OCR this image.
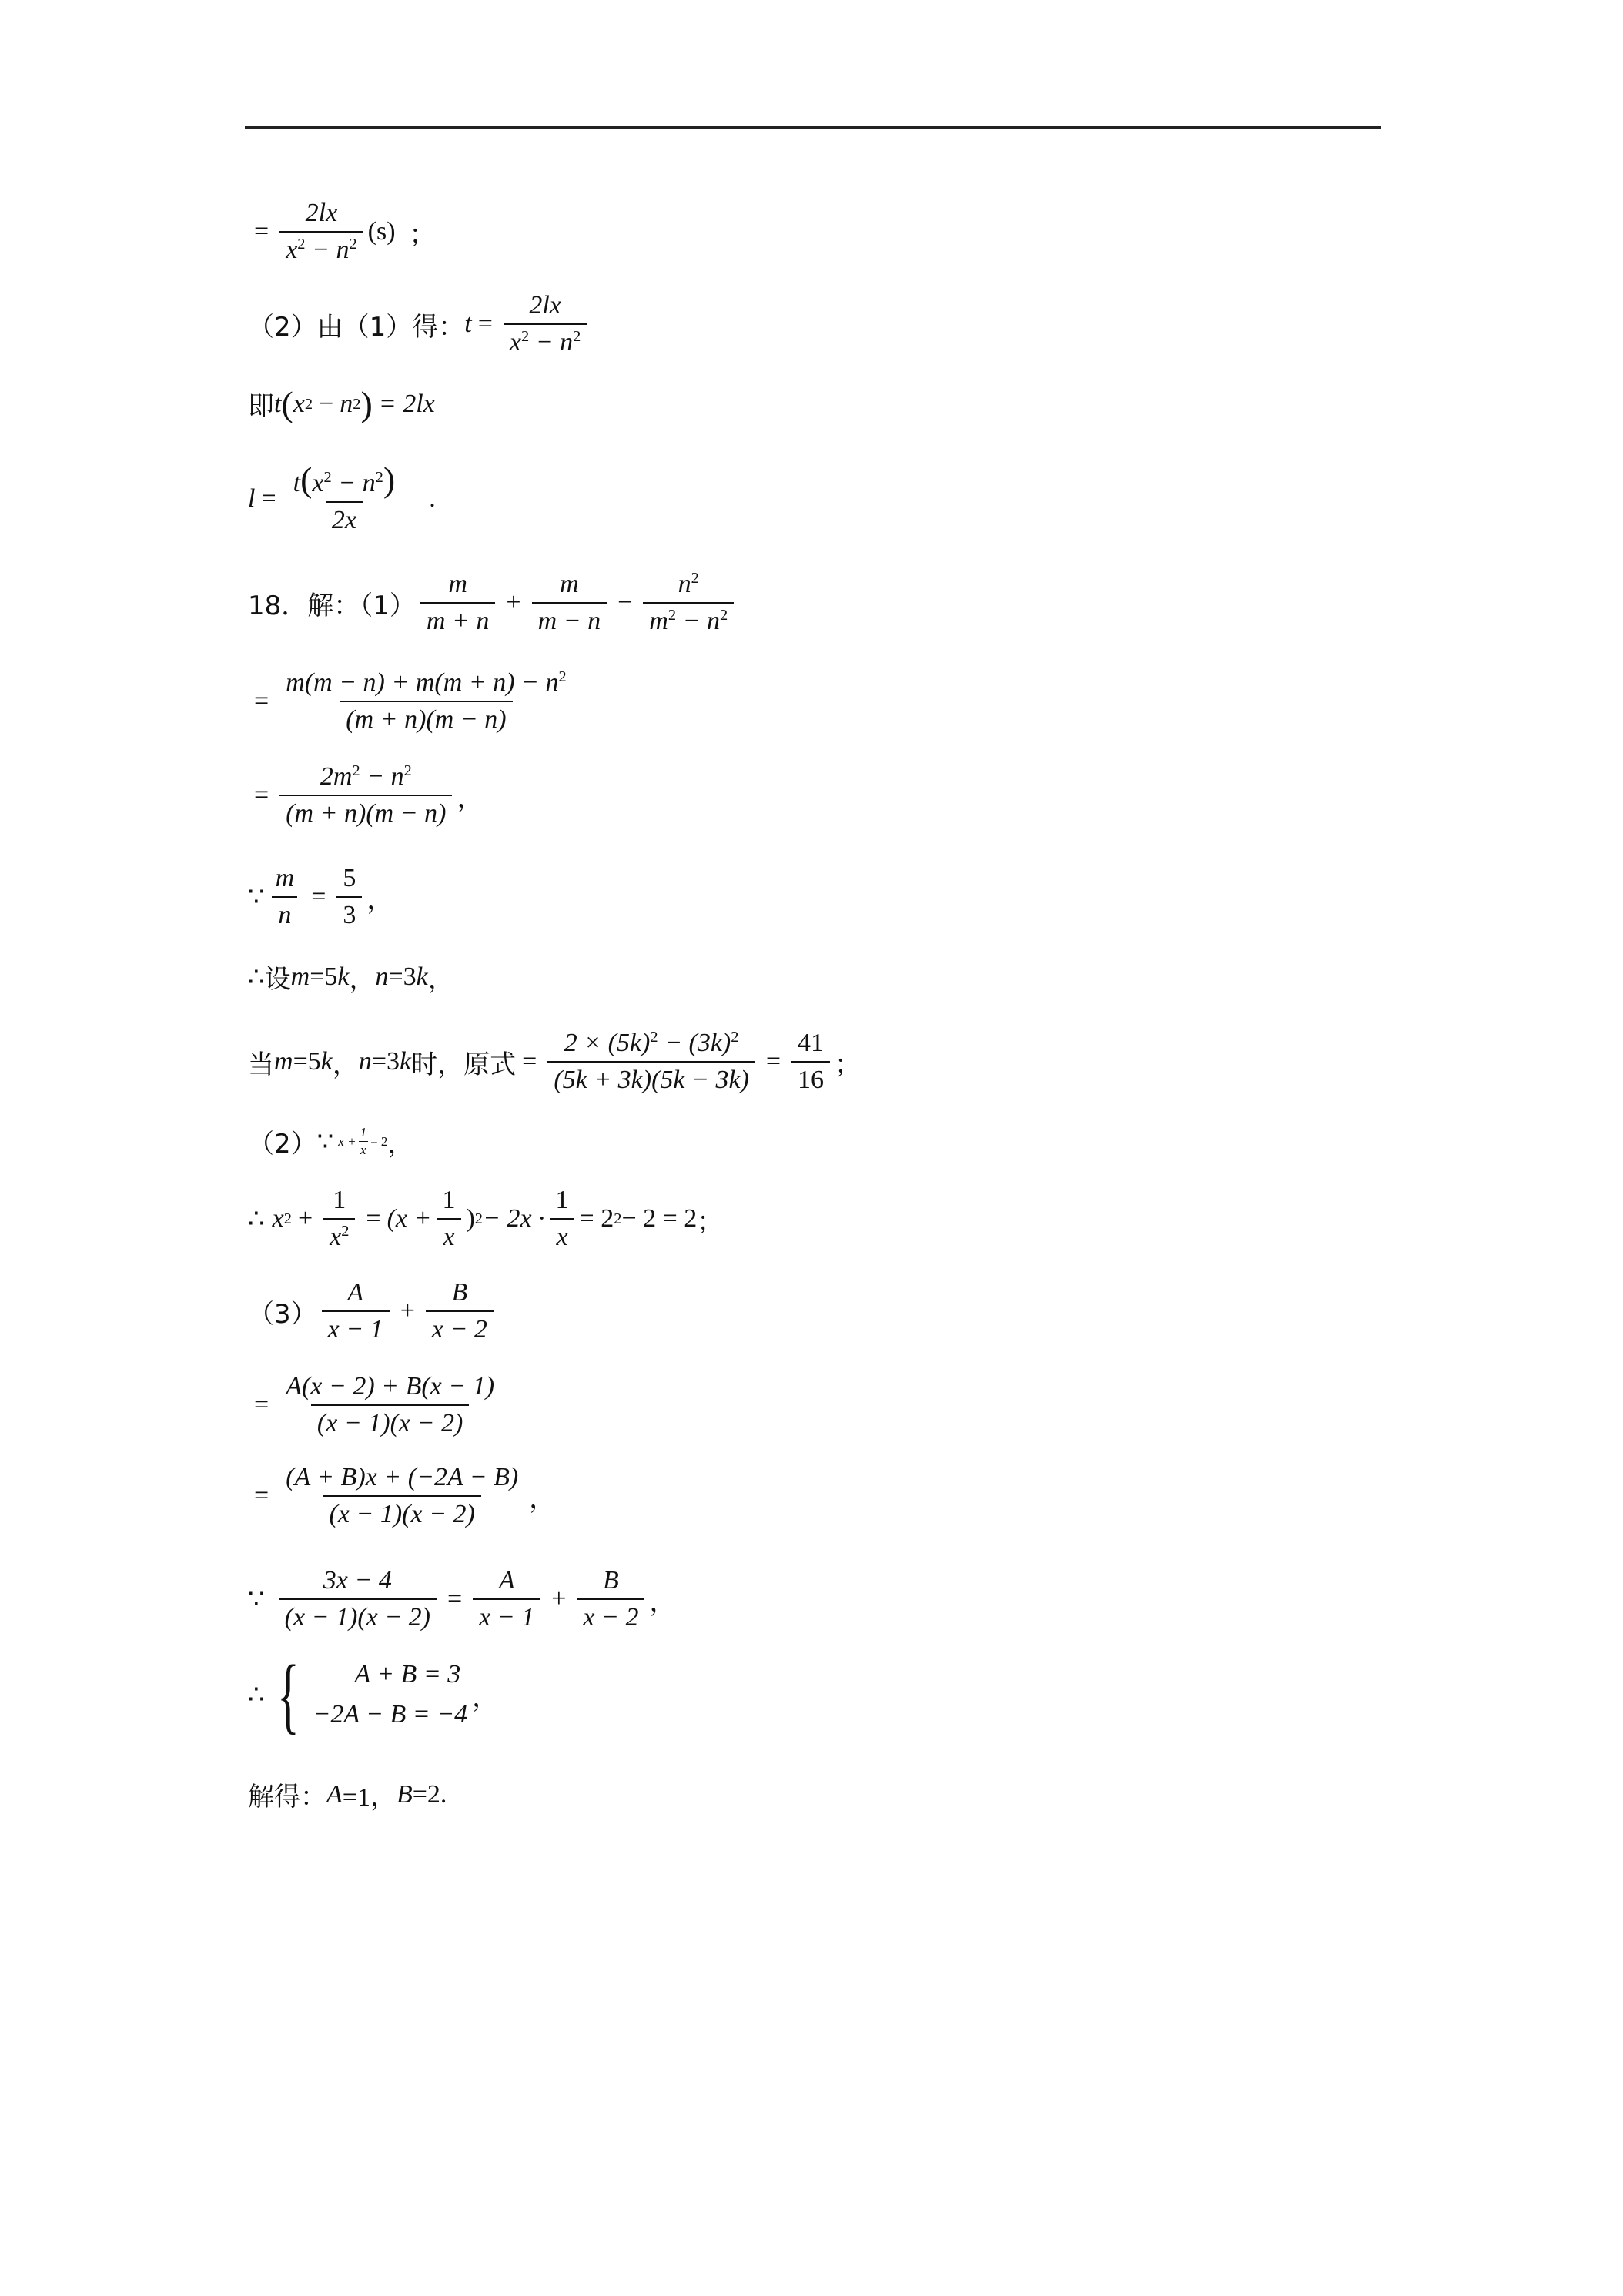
= $\frac{2lx}{x^2 - n^2} (s)$ ；
（2）由（1）得： $t = \frac{2lx}{x^2 - n^2}$
即 t ( x 2 − n 2 ) = 2lx
$l = \frac{t(x^2 - n^2)}{2x}$ .
18．解：$(1) \frac{m}{m + n} + \frac{m}{m - n} - \frac{n^2}{m^2 - n^2}$
= $\frac{m(m - n) + m(m + n) - n^2}{(m + n)(m - n)}$
= $\frac{2m^2 - n^2}{(m + n)(m - n)}$ ，
∵ $\frac{m}{n} = \frac{5}{3}$ ，
∴ 设 m =5 k ， n =3 k ，
当 m =5 k ， n =3 k 时，原式 = $\frac{2 \times (5k)^2 - (3k)^2}{(5k + 3k)(5k - 3k)} = \frac{41}{16}$ ；
（2） ∵ $x + \frac{1}{x} = 2$ ，
∴ x $2 + \frac{1}{x^2} = (x + \frac{1}{x}$ ) $2 - 2x \cdot \frac{1}{x} = 2$ 2 − 2 = 2 ；
$(3) \frac{A}{x - 1} + \frac{B}{x - 2}$
= $\frac{A(x - 2) + B(x - 1)}{(x - 1)(x - 2)}$
= $\frac{(A + B)x + (-2A - B)}{(x - 1)(x - 2)}$ ，
∵ $\frac{3x - 4}{(x - 1)(x - 2)} = \frac{A}{x - 1} + \frac{B}{x - 2}$ ，
∴ {	A + B = 3
−2A − B = −4
，
解得： A =1， B =2.
